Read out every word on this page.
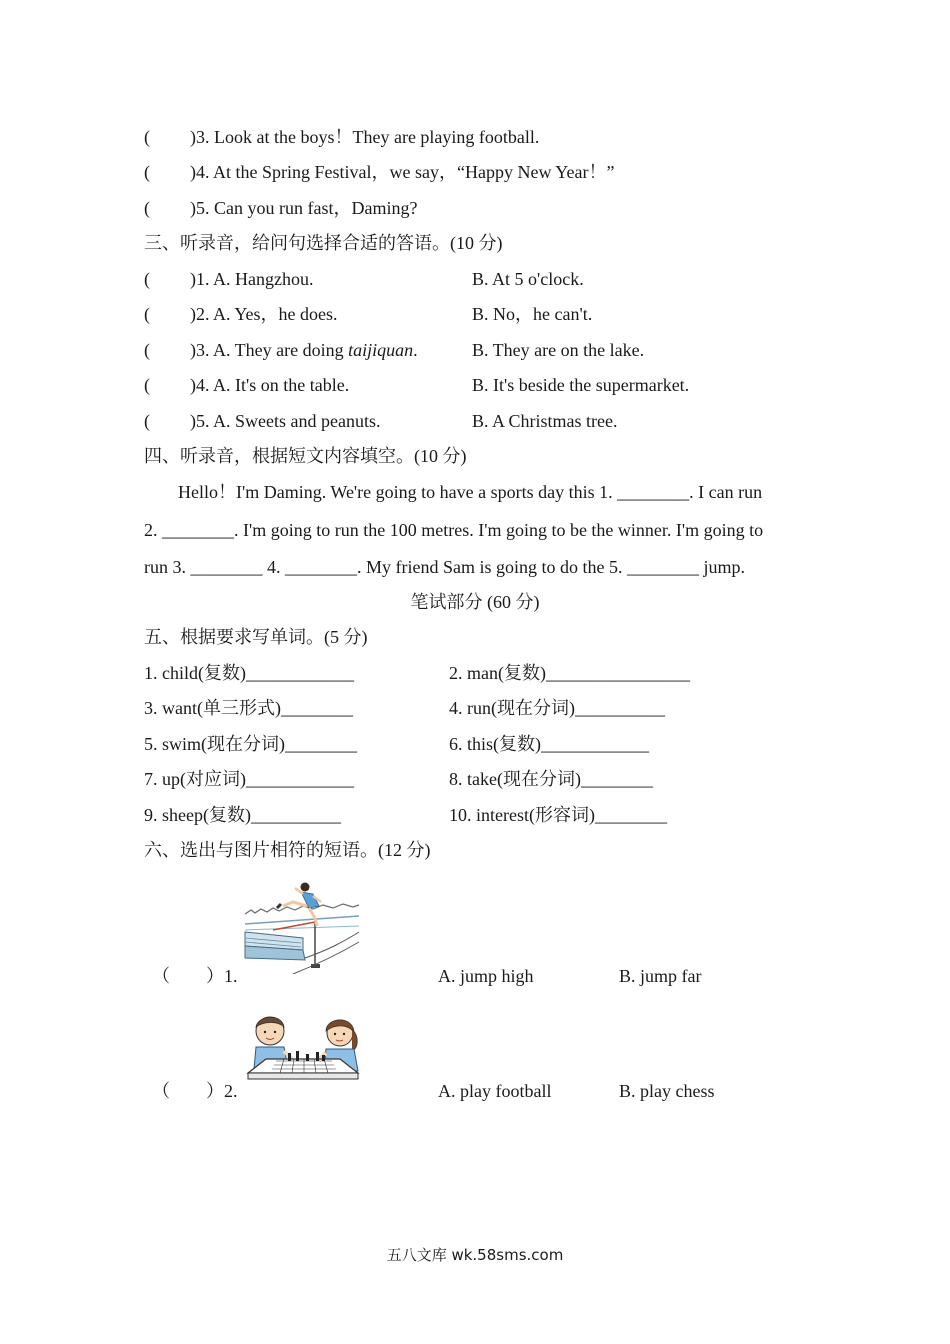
( )3. Look at the boys！They are playing football.
( )4. At the Spring Festival，we say，“Happy New Year！”
( )5. Can you run fast，Daming?
三、听录音，给问句选择合适的答语。(10 分)
( )1. A. Hangzhou.	B. At 5 o'clock.
( )2. A. Yes，he does.	B. No，he can't.
( )3. A. They are doing taijiquan.	B. They are on the lake.
( )4. A. It's on the table.	B. It's beside the supermarket.
( )5. A. Sweets and peanuts.	B. A Christmas tree.
四、听录音，根据短文内容填空。(10 分)
Hello！I'm Daming. We're going to have a sports day this 1. ________. I can run
2. ________. I'm going to run the 100 metres. I'm going to be the winner. I'm going to
run 3. ________ 4. ________. My friend Sam is going to do the 5. ________ jump.
笔试部分 (60 分)
五、根据要求写单词。(5 分)
1. child(复数)____________	2. man(复数)________________
3. want(单三形式)________	4. run(现在分词)__________
5. swim(现在分词)________	6. this(复数)____________
7. up(对应词)____________	8. take(现在分词)________
9. sheep(复数)__________	10. interest(形容词)________
六、选出与图片相符的短语。(12 分)
（　　）1.	A. jump high	B. jump far
（　　）2.	A. play football	B. play chess
五八文库 wk.58sms.com
